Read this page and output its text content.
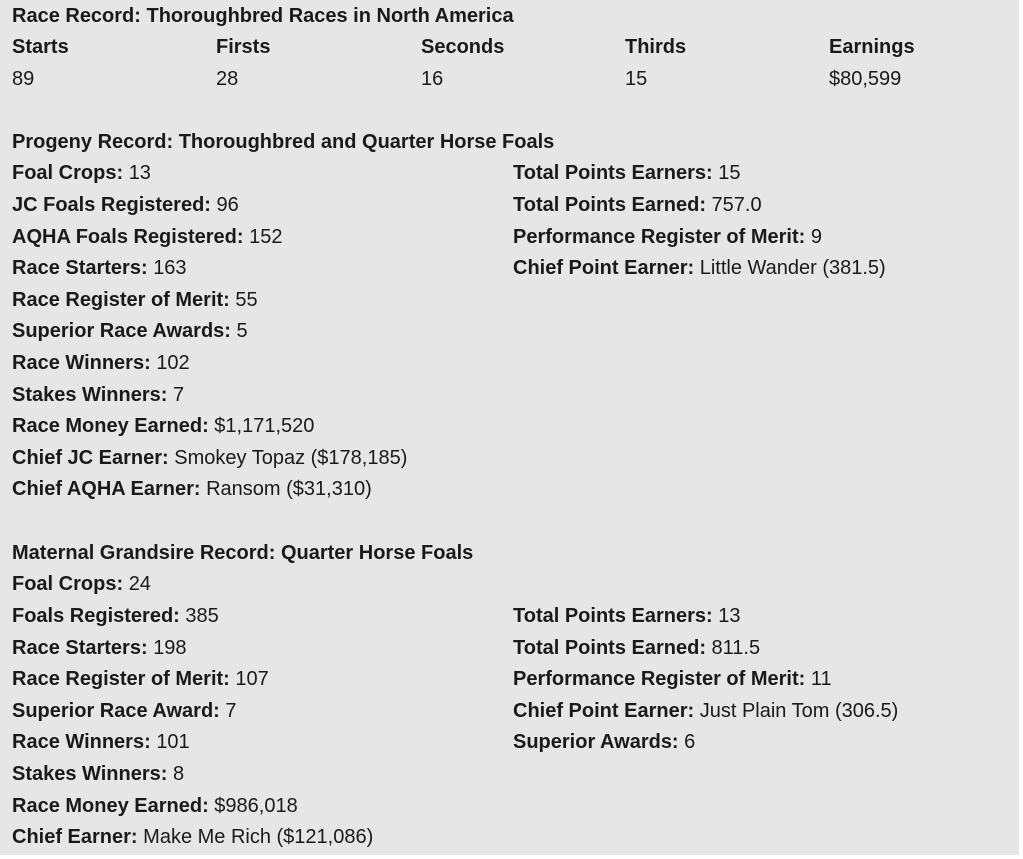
Race Record: Thoroughbred Races in North America
Starts	Firsts	Seconds	Thirds	Earnings
89	28	16	15	$80,599
Progeny Record: Thoroughbred and Quarter Horse Foals
Foal Crops: 13
JC Foals Registered: 96
AQHA Foals Registered: 152
Race Starters: 163
Race Register of Merit: 55
Superior Race Awards: 5
Race Winners: 102
Stakes Winners: 7
Race Money Earned: $1,171,520
Chief JC Earner: Smokey Topaz ($178,185)
Chief AQHA Earner: Ransom ($31,310)
Total Points Earners: 15
Total Points Earned: 757.0
Performance Register of Merit: 9
Chief Point Earner: Little Wander (381.5)
Maternal Grandsire Record: Quarter Horse Foals
Foal Crops: 24
Foals Registered: 385
Race Starters: 198
Race Register of Merit: 107
Superior Race Award: 7
Race Winners: 101
Stakes Winners: 8
Race Money Earned: $986,018
Chief Earner: Make Me Rich ($121,086)
Total Points Earners: 13
Total Points Earned: 811.5
Performance Register of Merit: 11
Chief Point Earner: Just Plain Tom (306.5)
Superior Awards: 6
